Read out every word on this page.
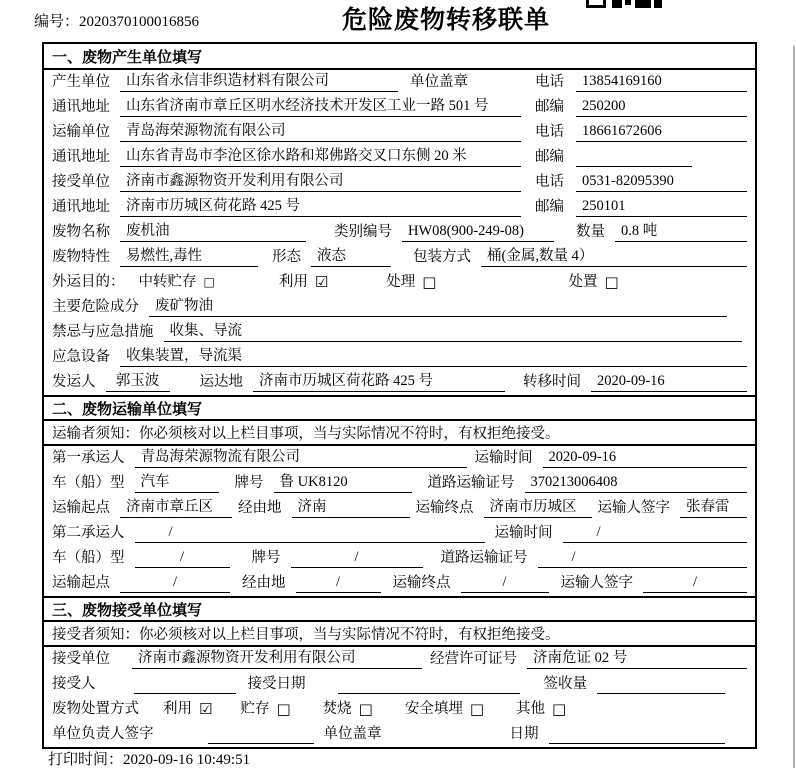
编号：2020370100016856	危险废物转移联单
一、废物产生单位填写
产生单位	山东省永信非织造材料有限公司	单位盖章	电话	13854169160
通讯地址	山东省济南市章丘区明水经济技术开发区工业一路 501 号	邮编	250200
运输单位	青岛海荣源物流有限公司	电话	18661672606
通讯地址	山东省青岛市李沧区徐水路和郑佛路交叉口东侧 20 米	邮编
接受单位	济南市鑫源物资开发利用有限公司	电话	0531-82095390
通讯地址	济南市历城区荷花路 425 号	邮编	250101
废物名称	废机油	类别编号	HW08(900-249-08)	数量	0.8 吨
废物特性	易燃性,毒性	形态	液态	包装方式	桶(金属,数量 4）
外运目的： 中转贮存 □	利用 ☑	处理 □	处置 □
主要危险成分	废矿物油
禁忌与应急措施	收集、导流
应急设备	收集装置，导流渠
发运人	郭玉波	运达地	济南市历城区荷花路 425 号	转移时间	2020-09-16
二、废物运输单位填写
运输者须知：你必须核对以上栏目事项，当与实际情况不符时，有权拒绝接受。
第一承运人	青岛海荣源物流有限公司	运输时间	2020-09-16
车（船）型	汽车	牌号	鲁 UK8120	道路运输证号	370213006408
运输起点	济南市章丘区	经由地	济南	运输终点	济南市历城区	运输人签字	张春雷
第二承运人	/	运输时间	/
车（船）型	/	牌号	/	道路运输证号	/
运输起点	/	经由地	/	运输终点	/	运输人签字	/
三、废物接受单位填写
接受者须知：你必须核对以上栏目事项，当与实际情况不符时，有权拒绝接受。
接受单位	济南市鑫源物资开发利用有限公司	经营许可证号	济南危证 02 号
接受人	接受日期	签收量
废物处置方式 利用 ☑ 贮存 □ 焚烧 □ 安全填埋 □ 其他 □
单位负责人签字	单位盖章	日期
打印时间：2020-09-16 10:49:51
